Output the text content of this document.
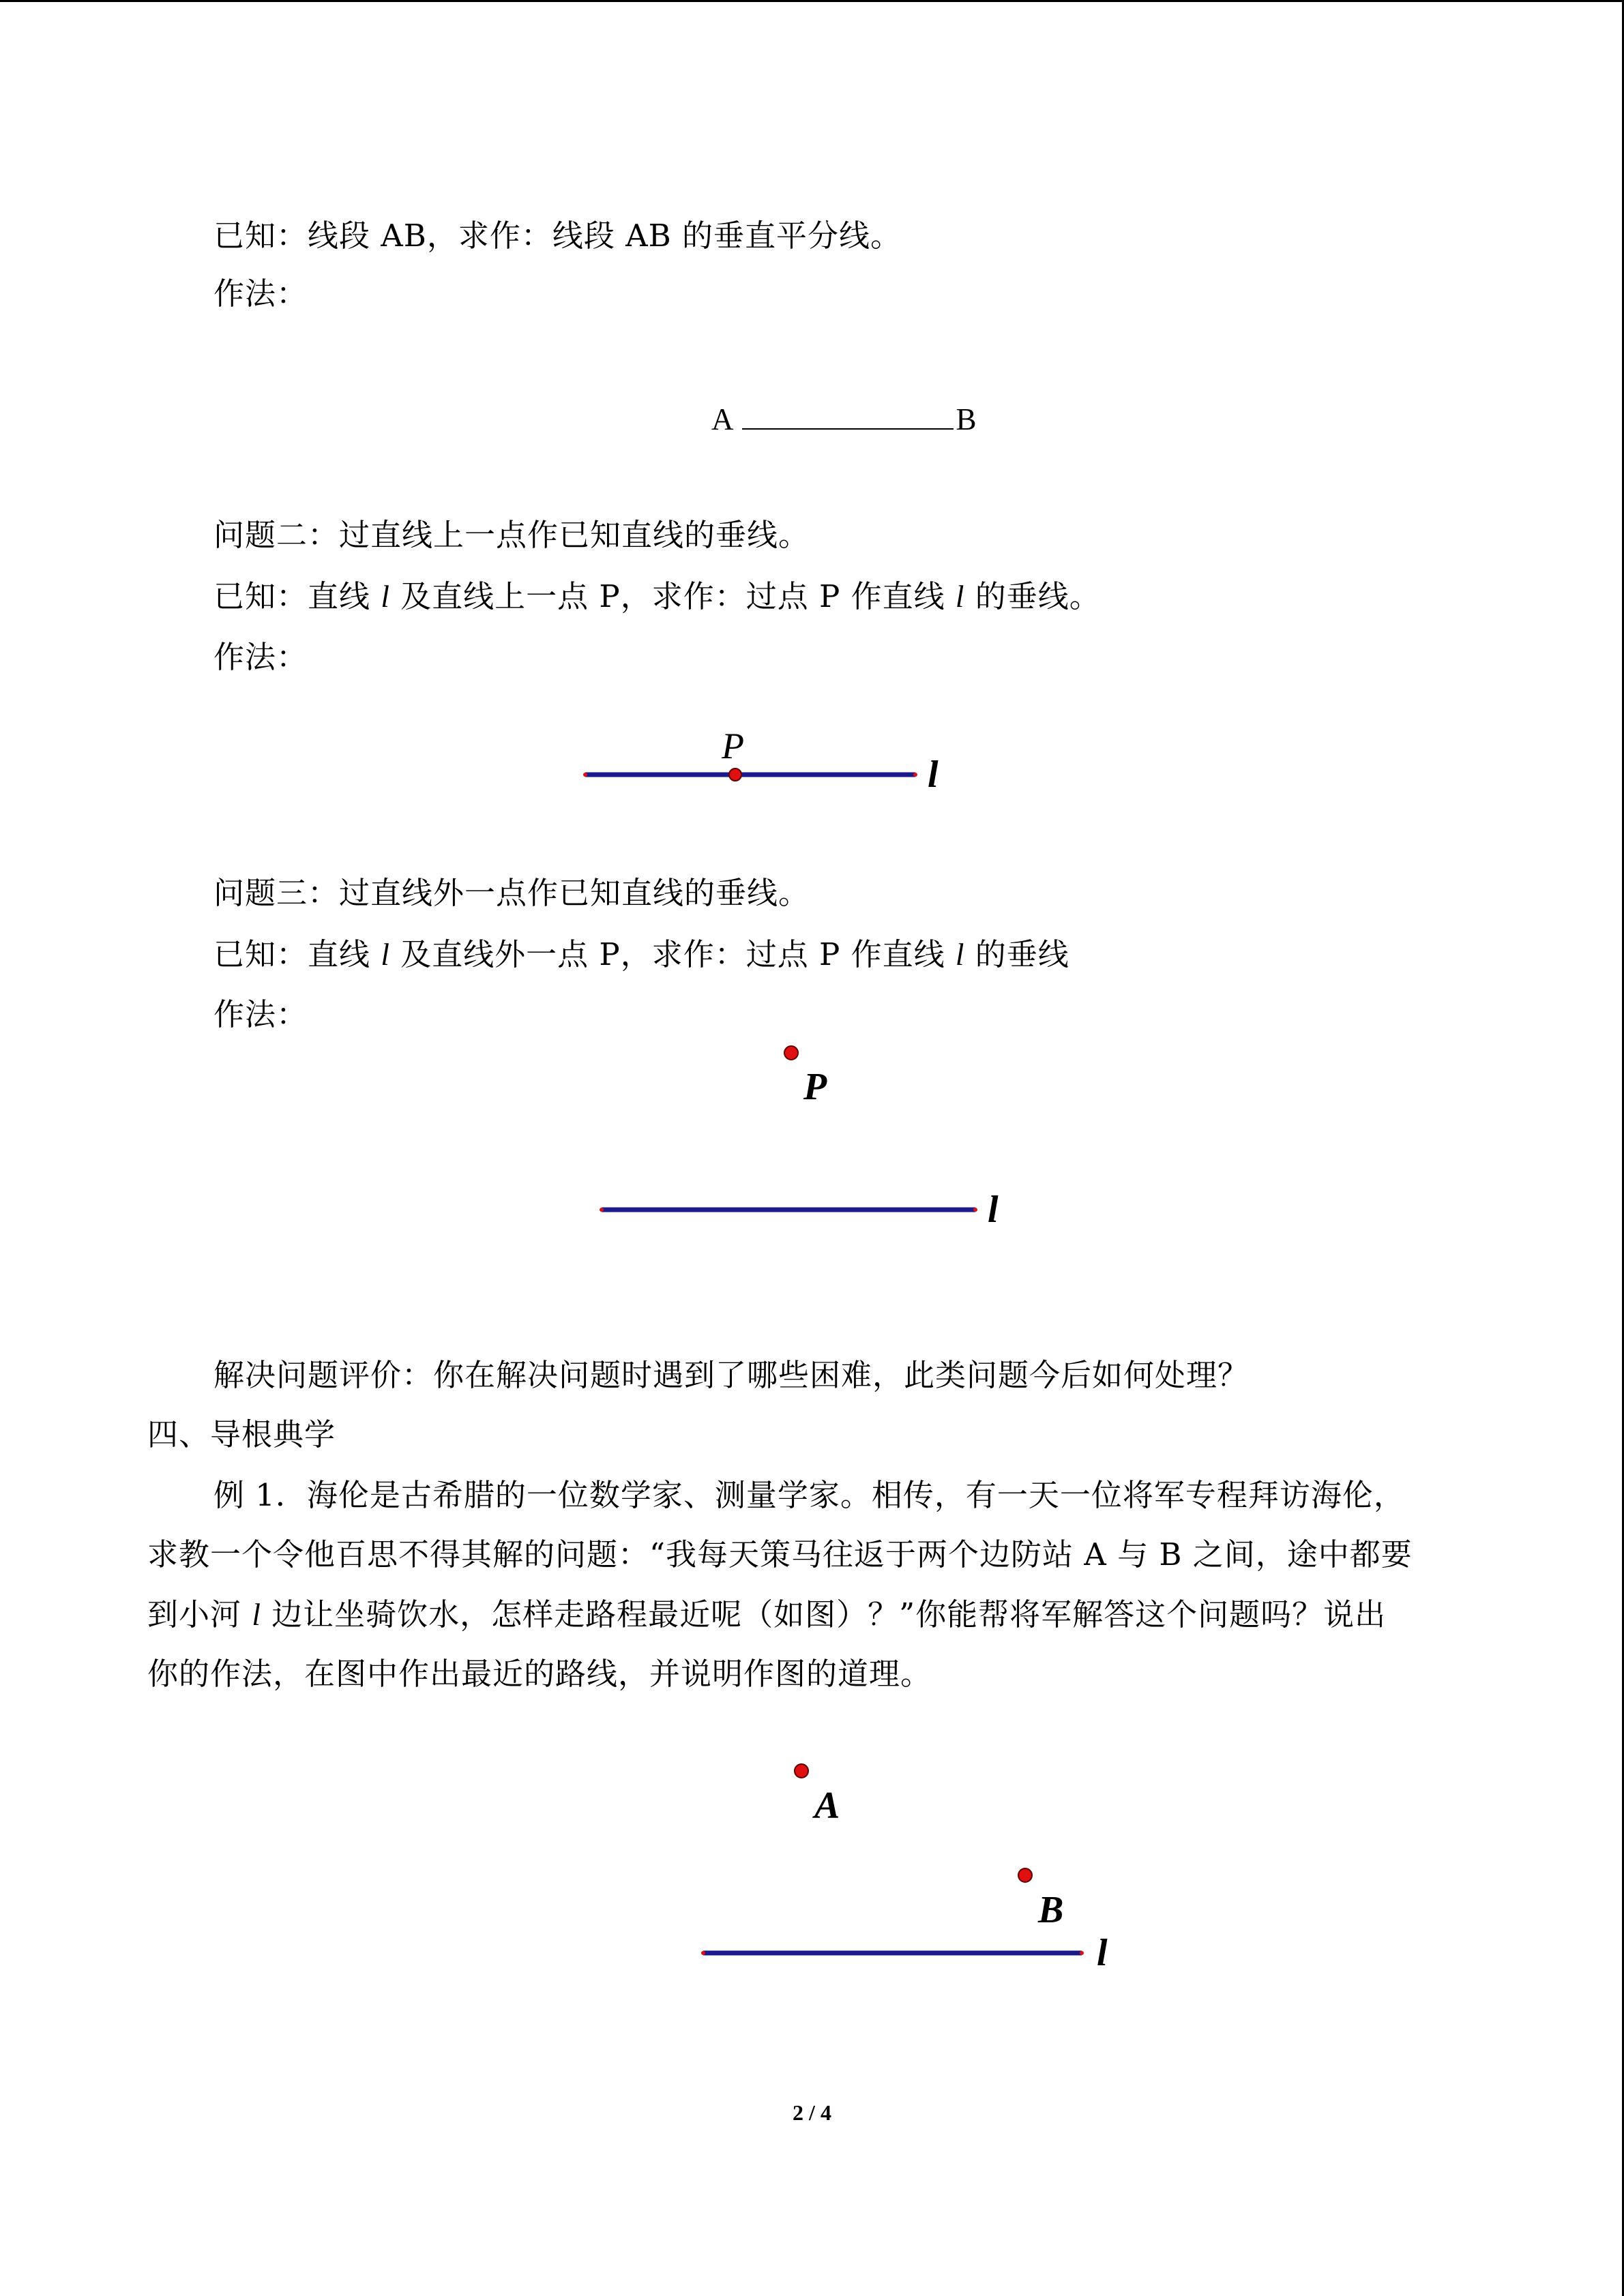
已知：线段 AB，求作：线段 AB 的垂直平分线。
作法：
A	B
问题二：过直线上一点作已知直线的垂线。
已知：直线 l 及直线上一点 P，求作：过点 P 作直线 l 的垂线。
作法：
P
l
问题三：过直线外一点作已知直线的垂线。
已知：直线 l 及直线外一点 P，求作：过点 P 作直线 l 的垂线
作法：
P
l
解决问题评价：你在解决问题时遇到了哪些困难，此类问题今后如何处理？
四、导根典学
例 1．海伦是古希腊的一位数学家、测量学家。相传，有一天一位将军专程拜访海伦，
求教一个令他百思不得其解的问题：“我每天策马往返于两个边防站 A 与 B 之间，途中都要
到小河 l 边让坐骑饮水，怎样走路程最近呢（如图）？”你能帮将军解答这个问题吗？说出
你的作法，在图中作出最近的路线，并说明作图的道理。
A
B
l
2 / 4
